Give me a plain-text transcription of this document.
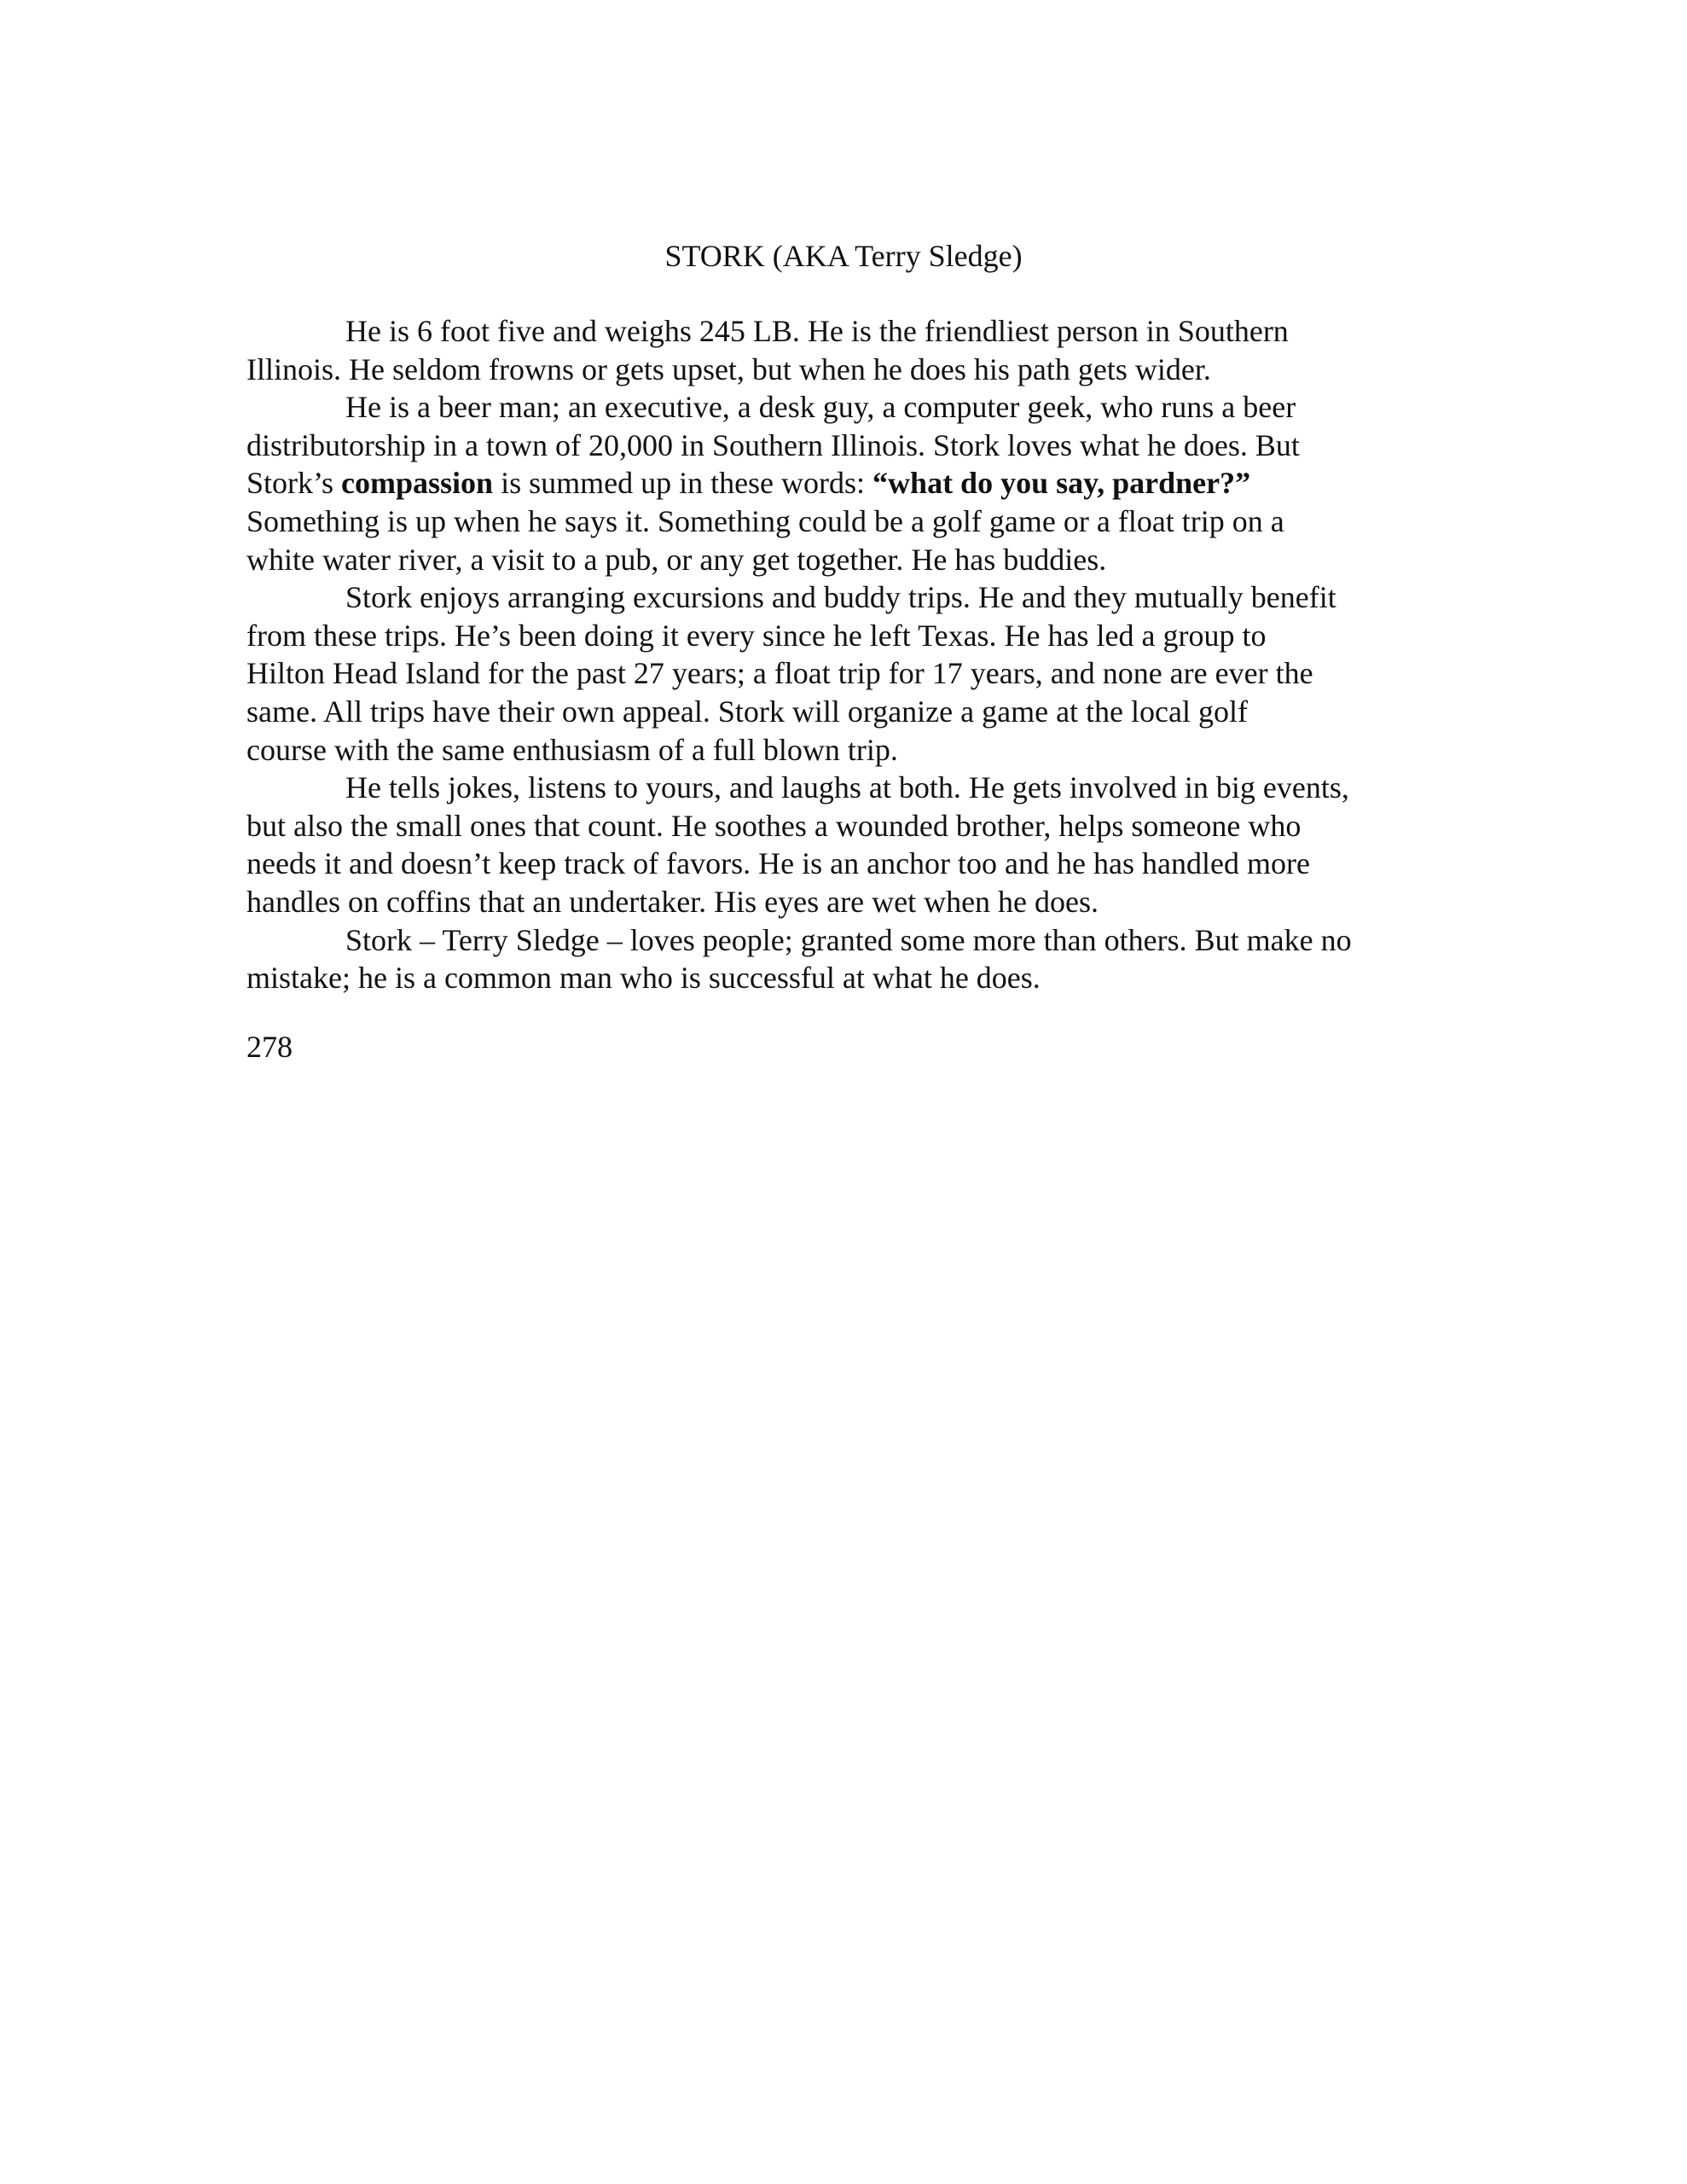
STORK (AKA Terry Sledge)

He is 6 foot five and weighs 245 LB. He is the friendliest person in Southern
Illinois. He seldom frowns or gets upset, but when he does his path gets wider.

He is a beer man; an executive, a desk guy, a computer geek, who runs a beer
distributorship in a town of 20,000 in Southern Illinois. Stork loves what he does. But
Stork’s compassion is summed up in these words: “what do you say, pardner?”
Something is up when he says it. Something could be a golf game or a float trip on a
white water river, a visit to a pub, or any get together. He has buddies.

Stork enjoys arranging excursions and buddy trips. He and they mutually benefit
from these trips. He’s been doing it every since he left Texas. He has led a group to
Hilton Head Island for the past 27 years; a float trip for 17 years, and none are ever the
same. All trips have their own appeal. Stork will organize a game at the local golf
course with the same enthusiasm of a full blown trip.

He tells jokes, listens to yours, and laughs at both. He gets involved in big events,
but also the small ones that count. He soothes a wounded brother, helps someone who
needs it and doesn’t keep track of favors. He is an anchor too and he has handled more
handles on coffins that an undertaker. His eyes are wet when he does.

Stork – Terry Sledge – loves people; granted some more than others. But make no
mistake; he is a common man who is successful at what he does.

278
